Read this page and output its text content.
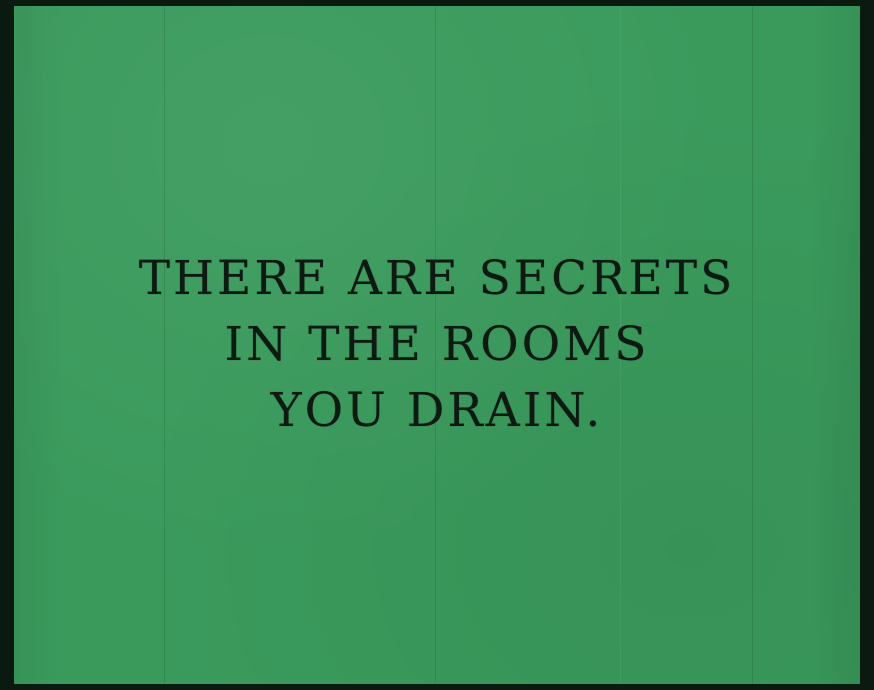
THERE ARE SECRETS
IN THE ROOMS
YOU DRAIN.
